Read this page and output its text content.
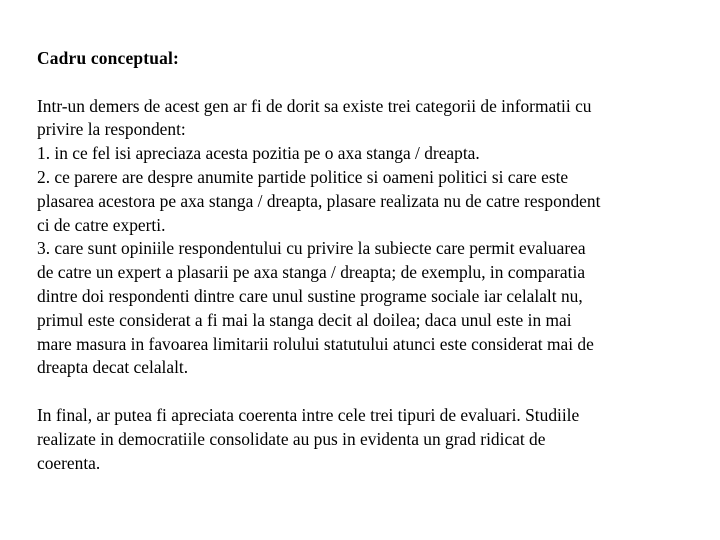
Cadru conceptual:

Intr-un demers de acest gen ar fi de dorit sa existe trei categorii de informatii cu
privire la respondent:

1. in ce fel isi apreciaza acesta pozitia pe o axa stanga / dreapta.

2. ce parere are despre anumite partide politice si oameni politici si care este
plasarea acestora pe axa stanga / dreapta, plasare realizata nu de catre respondent
ci de catre experti.

3. care sunt opiniile respondentului cu privire la subiecte care permit evaluarea
de catre un expert a plasarii pe axa stanga / dreapta; de exemplu, in comparatia
dintre doi respondenti dintre care unul sustine programe sociale iar celalalt nu,
primul este considerat a fi mai la stanga decit al doilea; daca unul este in mai
mare masura in favoarea limitarii rolului statutului atunci este considerat mai de
dreapta decat celalalt.

In final, ar putea fi apreciata coerenta intre cele trei tipuri de evaluari. Studiile
realizate in democratiile consolidate au pus in evidenta un grad ridicat de
coerenta.
